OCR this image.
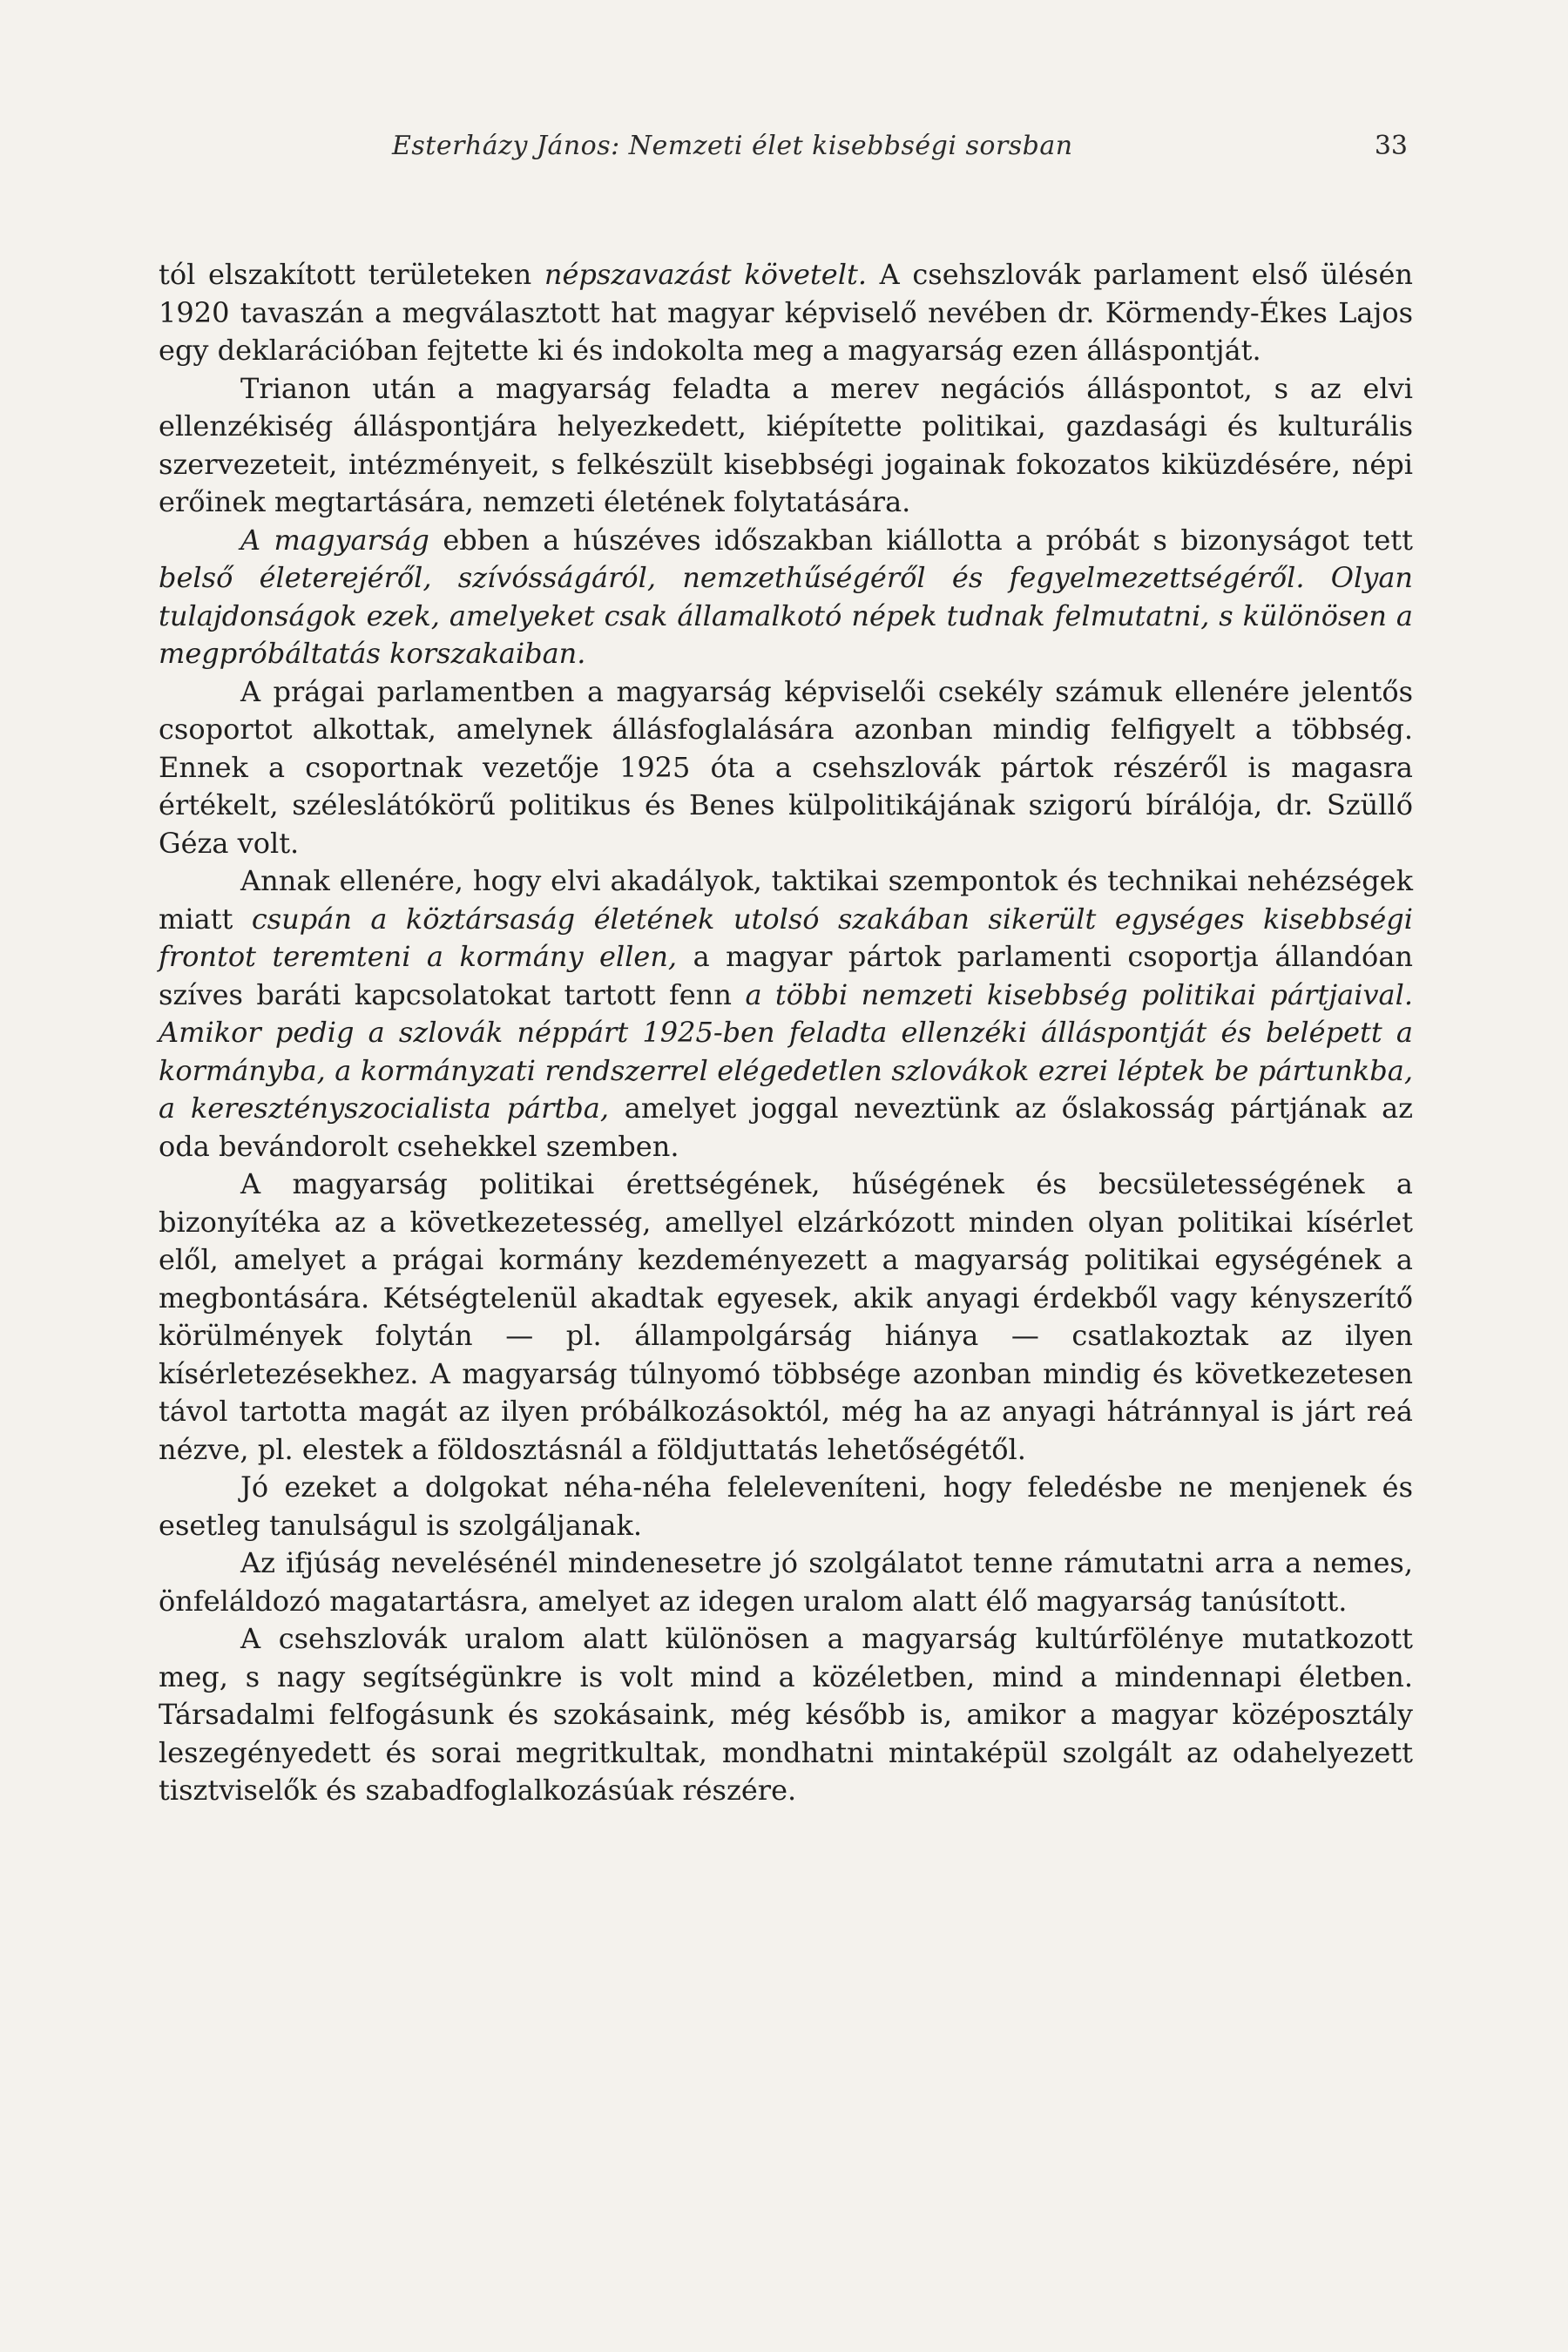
Esterházy János: Nemzeti élet kisebbségi sorsban	33

tól elszakított területeken népszavazást követelt. A csehszlovák parlament első ülésén 1920 tavaszán a megválasztott hat magyar képviselő nevében dr. Körmendy-Ékes Lajos egy deklarációban fejtette ki és indokolta meg a magyarság ezen álláspontját.

Trianon után a magyarság feladta a merev negációs álláspontot, s az elvi ellenzékiség álláspontjára helyezkedett, kiépítette politikai, gazdasági és kulturális szervezeteit, intézményeit, s felkészült kisebbségi jogainak fokozatos kiküzdésére, népi erőinek megtartására, nemzeti életének folytatására.

A magyarság ebben a húszéves időszakban kiállotta a próbát s bizonyságot tett belső életerejéről, szívósságáról, nemzethűségéről és fegyelmezettségéről. Olyan tulajdonságok ezek, amelyeket csak államalkotó népek tudnak felmutatni, s különösen a megpróbáltatás korszakaiban.

A prágai parlamentben a magyarság képviselői csekély számuk ellenére jelentős csoportot alkottak, amelynek állásfoglalására azonban mindig felfigyelt a többség. Ennek a csoportnak vezetője 1925 óta a csehszlovák pártok részéről is magasra értékelt, széleslátókörű politikus és Benes külpolitikájának szigorú bírálója, dr. Szüllő Géza volt.

Annak ellenére, hogy elvi akadályok, taktikai szempontok és technikai nehézségek miatt csupán a köztársaság életének utolsó szakában sikerült egységes kisebbségi frontot teremteni a kormány ellen, a magyar pártok parlamenti csoportja állandóan szíves baráti kapcsolatokat tartott fenn a többi nemzeti kisebbség politikai pártjaival. Amikor pedig a szlovák néppárt 1925-ben feladta ellenzéki álláspontját és belépett a kormányba, a kormányzati rendszerrel elégedetlen szlovákok ezrei léptek be pártunkba, a keresztényszocialista pártba, amelyet joggal neveztünk az őslakosság pártjának az oda bevándorolt csehekkel szemben.

A magyarság politikai érettségének, hűségének és becsületességének a bizonyítéka az a következetesség, amellyel elzárkózott minden olyan politikai kísérlet elől, amelyet a prágai kormány kezdeményezett a magyarság politikai egységének a megbontására. Kétségtelenül akadtak egyesek, akik anyagi érdekből vagy kényszerítő körülmények folytán — pl. állampolgárság hiánya — csatlakoztak az ilyen kísérletezésekhez. A magyarság túlnyomó többsége azonban mindig és következetesen távol tartotta magát az ilyen próbálkozásoktól, még ha az anyagi hátránnyal is járt reá nézve, pl. elestek a földosztásnál a földjuttatás lehetőségétől.

Jó ezeket a dolgokat néha-néha feleleveníteni, hogy feledésbe ne menjenek és esetleg tanulságul is szolgáljanak.

Az ifjúság nevelésénél mindenesetre jó szolgálatot tenne rámutatni arra a nemes, önfeláldozó magatartásra, amelyet az idegen uralom alatt élő magyarság tanúsított.

A csehszlovák uralom alatt különösen a magyarság kultúrfölénye mutatkozott meg, s nagy segítségünkre is volt mind a közéletben, mind a mindennapi életben. Társadalmi felfogásunk és szokásaink, még később is, amikor a magyar középosztály leszegényedett és sorai megritkultak, mondhatni mintaképül szolgált az odahelyezett tisztviselők és szabadfoglalkozásúak részére.
